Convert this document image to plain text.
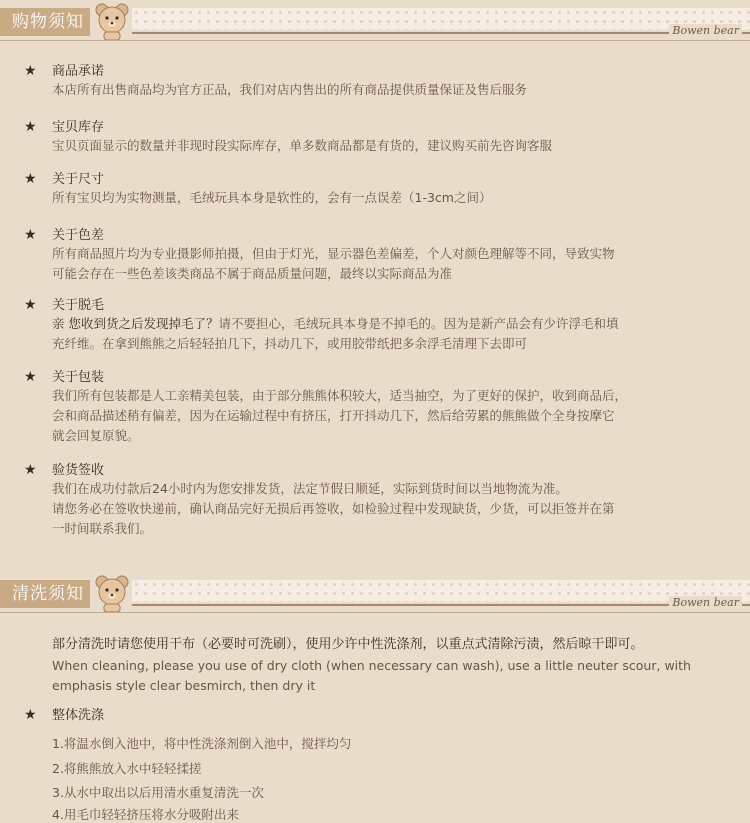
购物须知	Bowen bear
★ 商品承诺
本店所有出售商品均为官方正品，我们对店内售出的所有商品提供质量保证及售后服务
★ 宝贝库存
宝贝页面显示的数量并非现时段实际库存，单多数商品都是有货的，建议购买前先咨询客服
★ 关于尺寸
所有宝贝均为实物测量，毛绒玩具本身是软性的，会有一点误差（1-3cm之间）
★ 关于色差
所有商品照片均为专业摄影师拍摄，但由于灯光，显示器色差偏差，个人对颜色理解等不同，导致实物
可能会存在一些色差该类商品不属于商品质量问题，最终以实际商品为准
★ 关于脱毛
亲 您收到货之后发现掉毛了？请不要担心，毛绒玩具本身是不掉毛的。因为是新产品会有少许浮毛和填
充纤维。在拿到熊熊之后轻轻拍几下，抖动几下，或用胶带纸把多余浮毛清理下去即可
★ 关于包装
我们所有包装都是人工亲精美包装，由于部分熊熊体积较大，适当抽空，为了更好的保护，收到商品后，
会和商品描述稍有偏差，因为在运输过程中有挤压，打开抖动几下，然后给劳累的熊熊做个全身按摩它
就会回复原貌。
★ 验货签收
我们在成功付款后24小时内为您安排发货，法定节假日顺延，实际到货时间以当地物流为准。
请您务必在签收快递前，确认商品完好无损后再签收，如检验过程中发现缺货，少货，可以拒签并在第
一时间联系我们。
清洗须知	Bowen bear
部分清洗时请您使用干布（必要时可洗刷），使用少许中性洗涤剂，以重点式清除污渍，然后晾干即可。
When cleaning, please you use of dry cloth (when necessary can wash), use a little neuter scour, with
emphasis style clear besmirch, then dry it
★ 整体洗涤
1.将温水倒入池中，将中性洗涤剂倒入池中，搅拌均匀
2.将熊熊放入水中轻轻揉搓
3.从水中取出以后用清水重复清洗一次
4.用毛巾轻轻挤压将水分吸附出来
